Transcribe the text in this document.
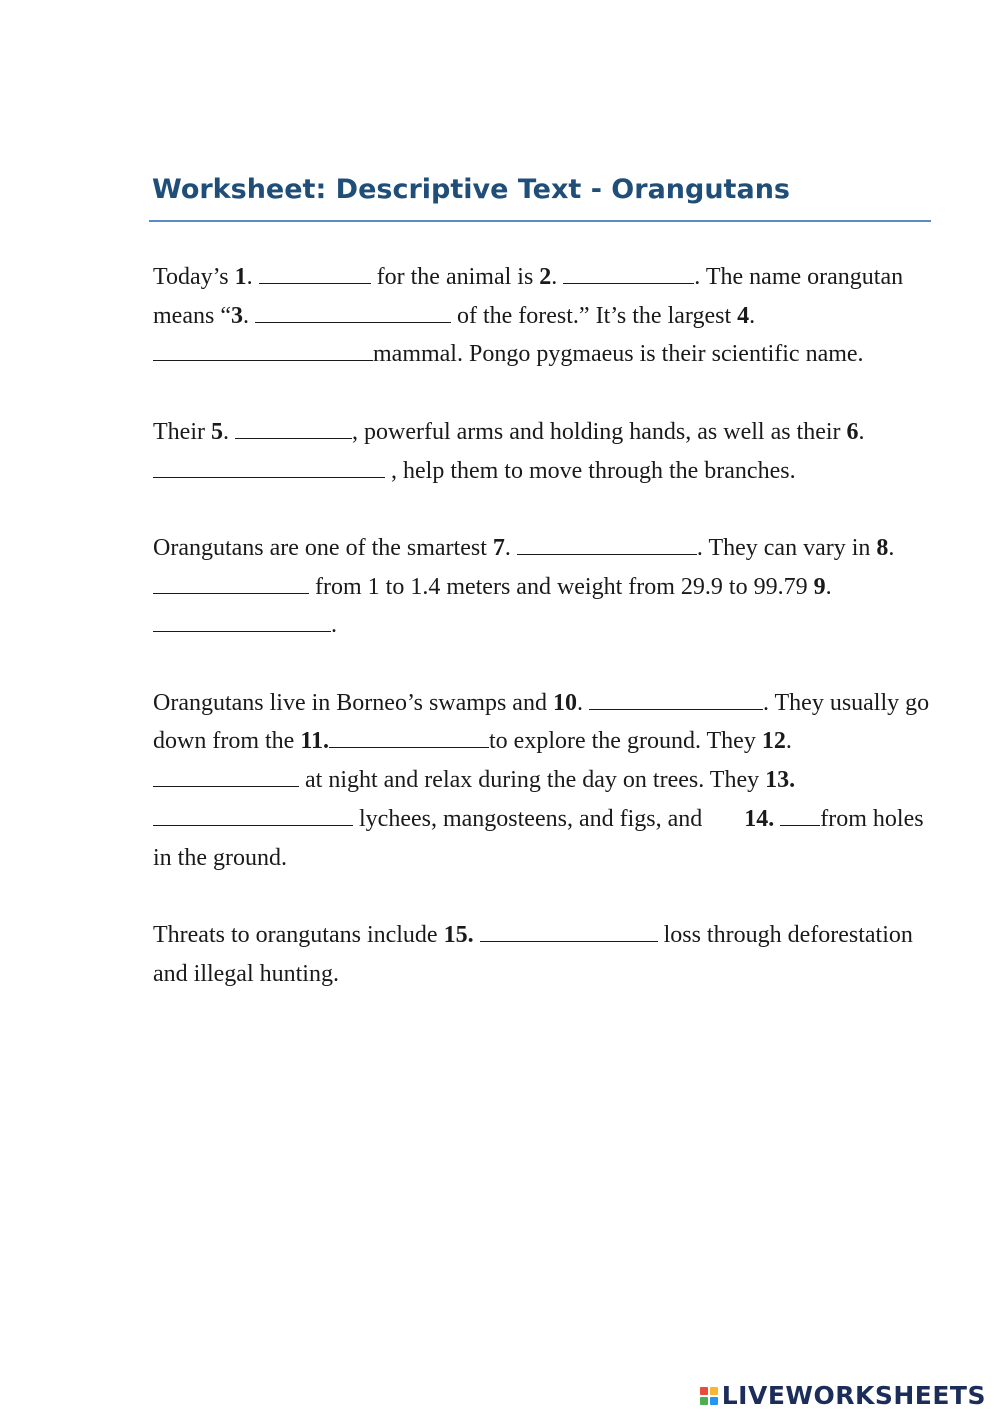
Worksheet: Descriptive Text - Orangutans

Today’s 1.	for the animal is 2.	. The name orangutan means “3.	of the forest.” It’s the largest 4. mammal. Pongo pygmaeus is their scientific name.

Their 5.	, powerful arms and holding hands, as well as their 6. , help them to move through the branches.

Orangutans are one of the smartest 7.	. They can vary in 8.  from 1 to 1.4 meters and weight from 29.9 to 99.79 9. .

Orangutans live in Borneo’s swamps and 10.	. They usually go down from the 11.	to explore the ground. They 12.  at night and relax during the day on trees. They 13.  lychees, mangosteens, and figs, and 14. from holes in the ground.

Threats to orangutans include 15.	loss through deforestation and illegal hunting.

LIVEWORKSHEETS
